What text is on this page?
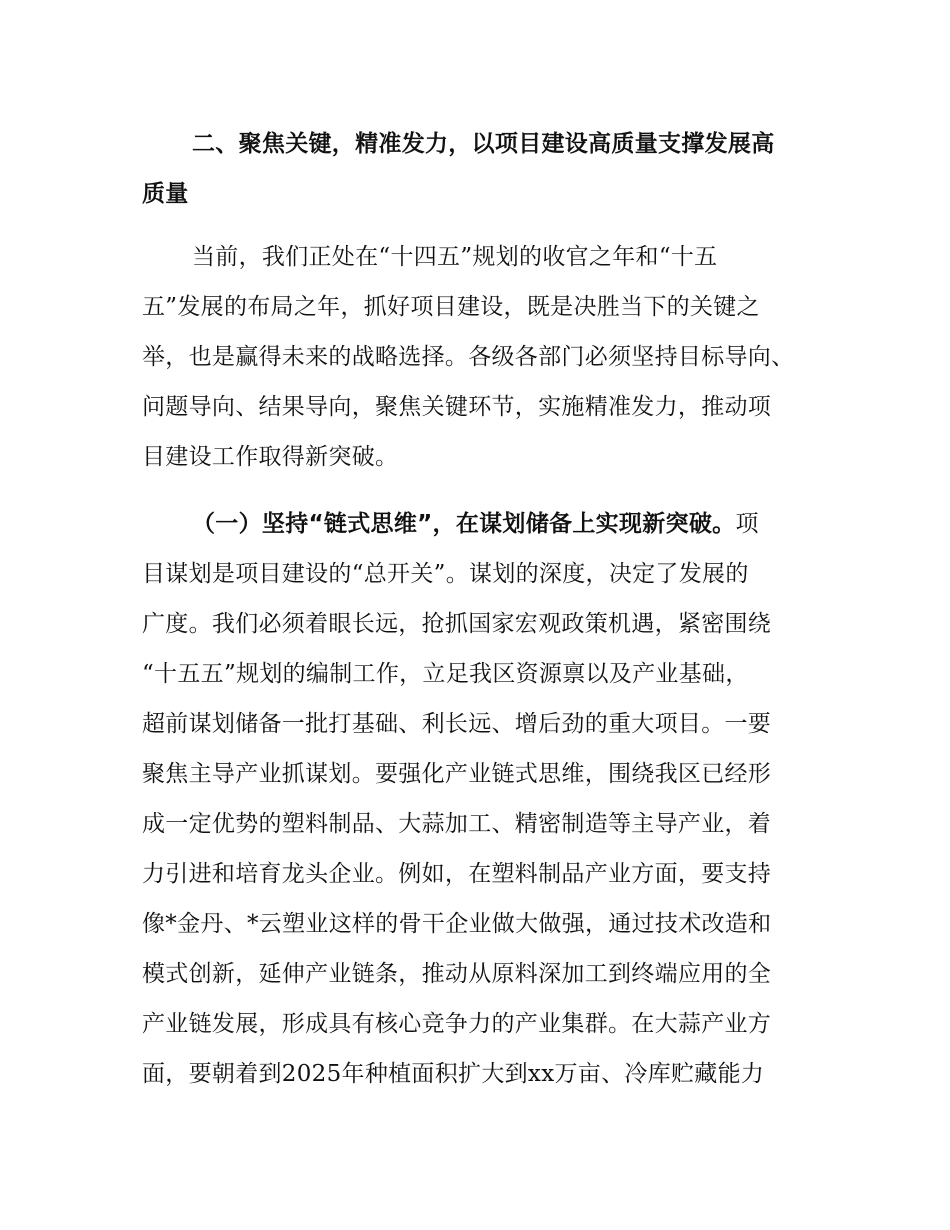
二、聚焦关键，精准发力，以项目建设高质量支撑发展高
质量
当前，我们正处在“十四五”规划的收官之年和“十五
五”发展的布局之年，抓好项目建设，既是决胜当下的关键之
举，也是赢得未来的战略选择。各级各部门必须坚持目标导向、
问题导向、结果导向，聚焦关键环节，实施精准发力，推动项
目建设工作取得新突破。
（一）坚持“链式思维”，在谋划储备上实现新突破。项
目谋划是项目建设的“总开关”。谋划的深度，决定了发展的
广度。我们必须着眼长远，抢抓国家宏观政策机遇，紧密围绕
“十五五”规划的编制工作，立足我区资源禀以及产业基础，
超前谋划储备一批打基础、利长远、增后劲的重大项目。一要
聚焦主导产业抓谋划。要强化产业链式思维，围绕我区已经形
成一定优势的塑料制品、大蒜加工、精密制造等主导产业，着
力引进和培育龙头企业。例如，在塑料制品产业方面，要支持
像*金丹、*云塑业这样的骨干企业做大做强，通过技术改造和
模式创新，延伸产业链条，推动从原料深加工到终端应用的全
产业链发展，形成具有核心竞争力的产业集群。在大蒜产业方
面，要朝着到2025年种植面积扩大到xx万亩、冷库贮藏能力
